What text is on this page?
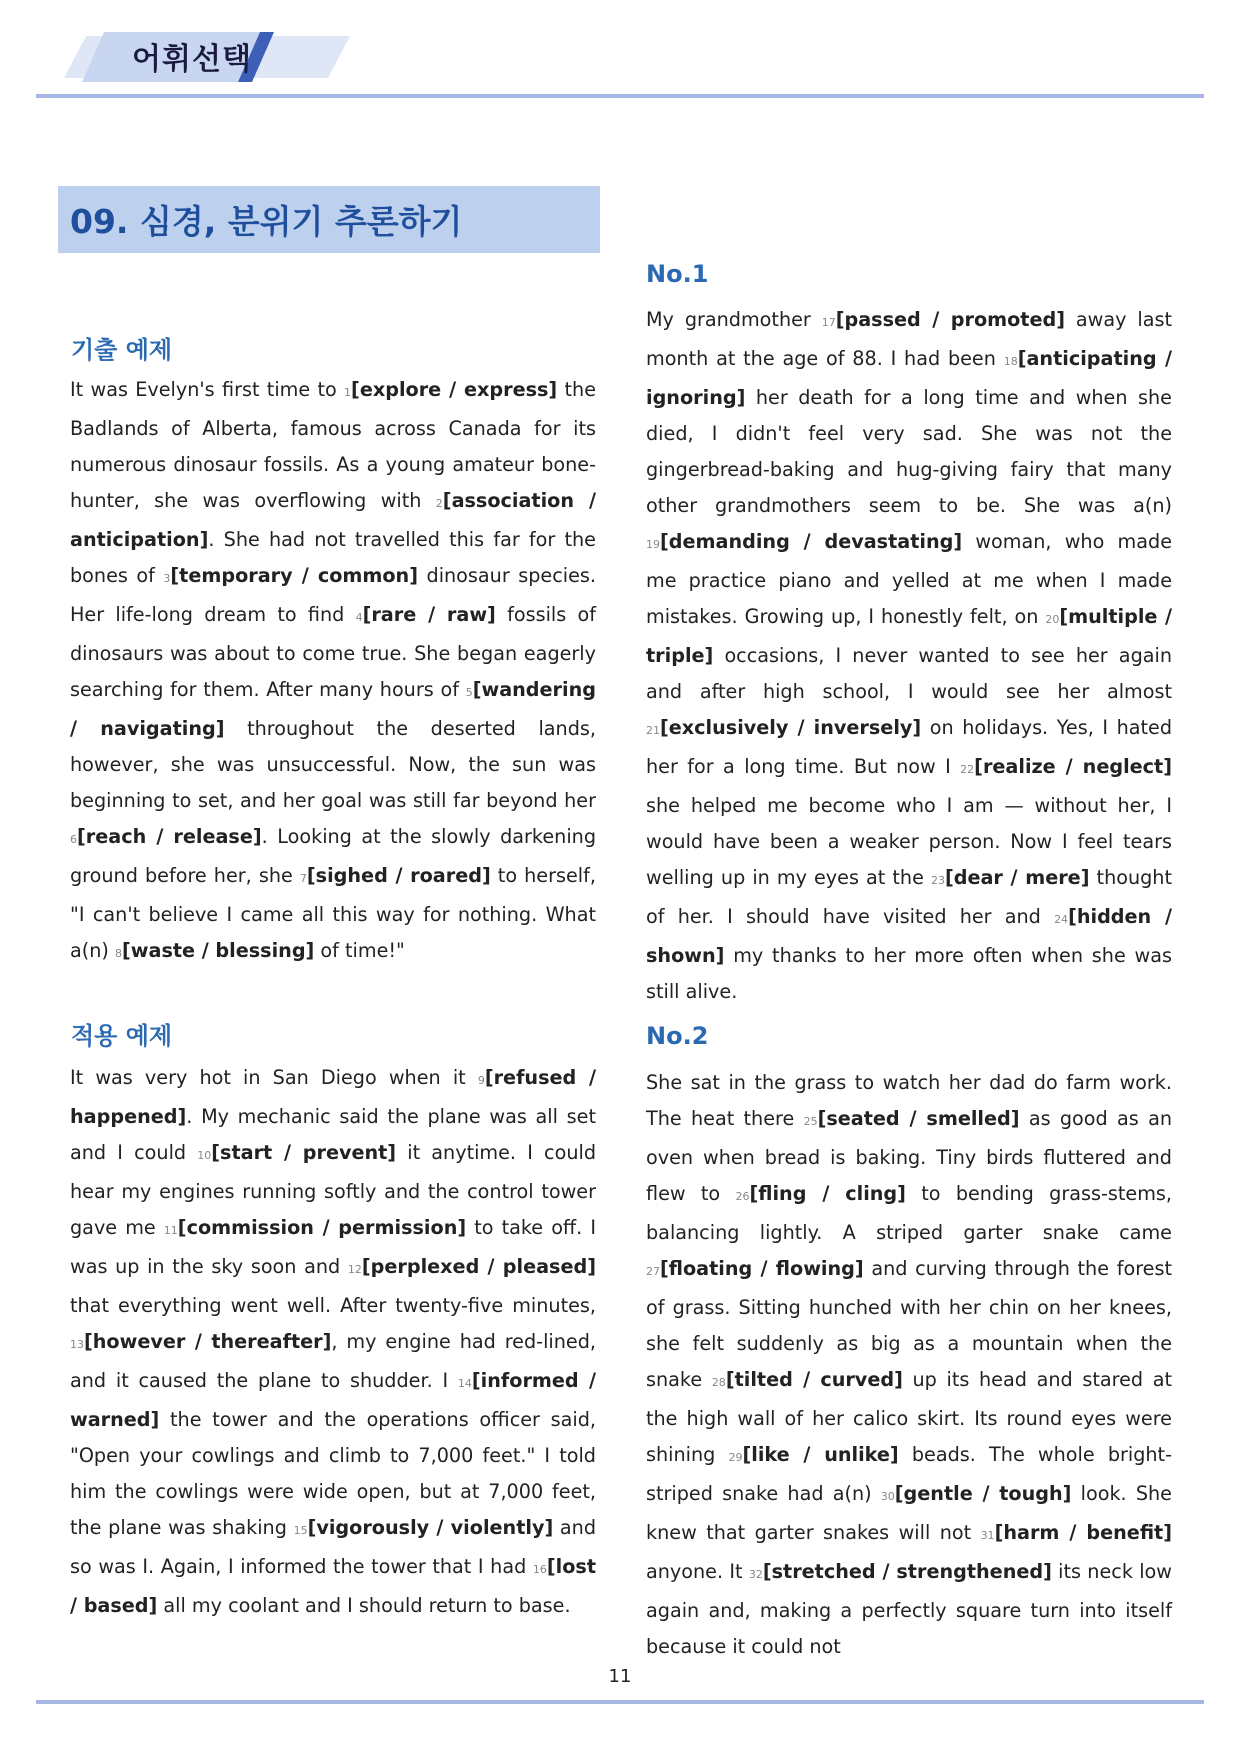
어휘선택
09. 심경, 분위기 추론하기
기출 예제
It was Evelyn's first time to 1[explore / express] the Badlands of Alberta, famous across Canada for its numerous dinosaur fossils. As a young amateur bone-hunter, she was overflowing with 2[association / anticipation]. She had not travelled this far for the bones of 3[temporary / common] dinosaur species. Her life-long dream to find 4[rare / raw] fossils of dinosaurs was about to come true. She began eagerly searching for them. After many hours of 5[wandering / navigating] throughout the deserted lands, however, she was unsuccessful. Now, the sun was beginning to set, and her goal was still far beyond her 6[reach / release]. Looking at the slowly darkening ground before her, she 7[sighed / roared] to herself, "I can't believe I came all this way for nothing. What a(n) 8[waste / blessing] of time!"
적용 예제
It was very hot in San Diego when it 9[refused / happened]. My mechanic said the plane was all set and I could 10[start / prevent] it anytime. I could hear my engines running softly and the control tower gave me 11[commission / permission] to take off. I was up in the sky soon and 12[perplexed / pleased] that everything went well. After twenty-five minutes, 13[however / thereafter], my engine had red-lined, and it caused the plane to shudder. I 14[informed / warned] the tower and the operations officer said, "Open your cowlings and climb to 7,000 feet." I told him the cowlings were wide open, but at 7,000 feet, the plane was shaking 15[vigorously / violently] and so was I. Again, I informed the tower that I had 16[lost / based] all my coolant and I should return to base.
No.1
My grandmother 17[passed / promoted] away last month at the age of 88. I had been 18[anticipating / ignoring] her death for a long time and when she died, I didn't feel very sad. She was not the gingerbread-baking and hug-giving fairy that many other grandmothers seem to be. She was a(n) 19[demanding / devastating] woman, who made me practice piano and yelled at me when I made mistakes. Growing up, I honestly felt, on 20[multiple / triple] occasions, I never wanted to see her again and after high school, I would see her almost 21[exclusively / inversely] on holidays. Yes, I hated her for a long time. But now I 22[realize / neglect] she helped me become who I am — without her, I would have been a weaker person. Now I feel tears welling up in my eyes at the 23[dear / mere] thought of her. I should have visited her and 24[hidden / shown] my thanks to her more often when she was still alive.
No.2
She sat in the grass to watch her dad do farm work. The heat there 25[seated / smelled] as good as an oven when bread is baking. Tiny birds fluttered and flew to 26[fling / cling] to bending grass-stems, balancing lightly. A striped garter snake came 27[floating / flowing] and curving through the forest of grass. Sitting hunched with her chin on her knees, she felt suddenly as big as a mountain when the snake 28[tilted / curved] up its head and stared at the high wall of her calico skirt. Its round eyes were shining 29[like / unlike] beads. The whole bright-striped snake had a(n) 30[gentle / tough] look. She knew that garter snakes will not 31[harm / benefit] anyone. It 32[stretched / strengthened] its neck low again and, making a perfectly square turn into itself because it could not
11
